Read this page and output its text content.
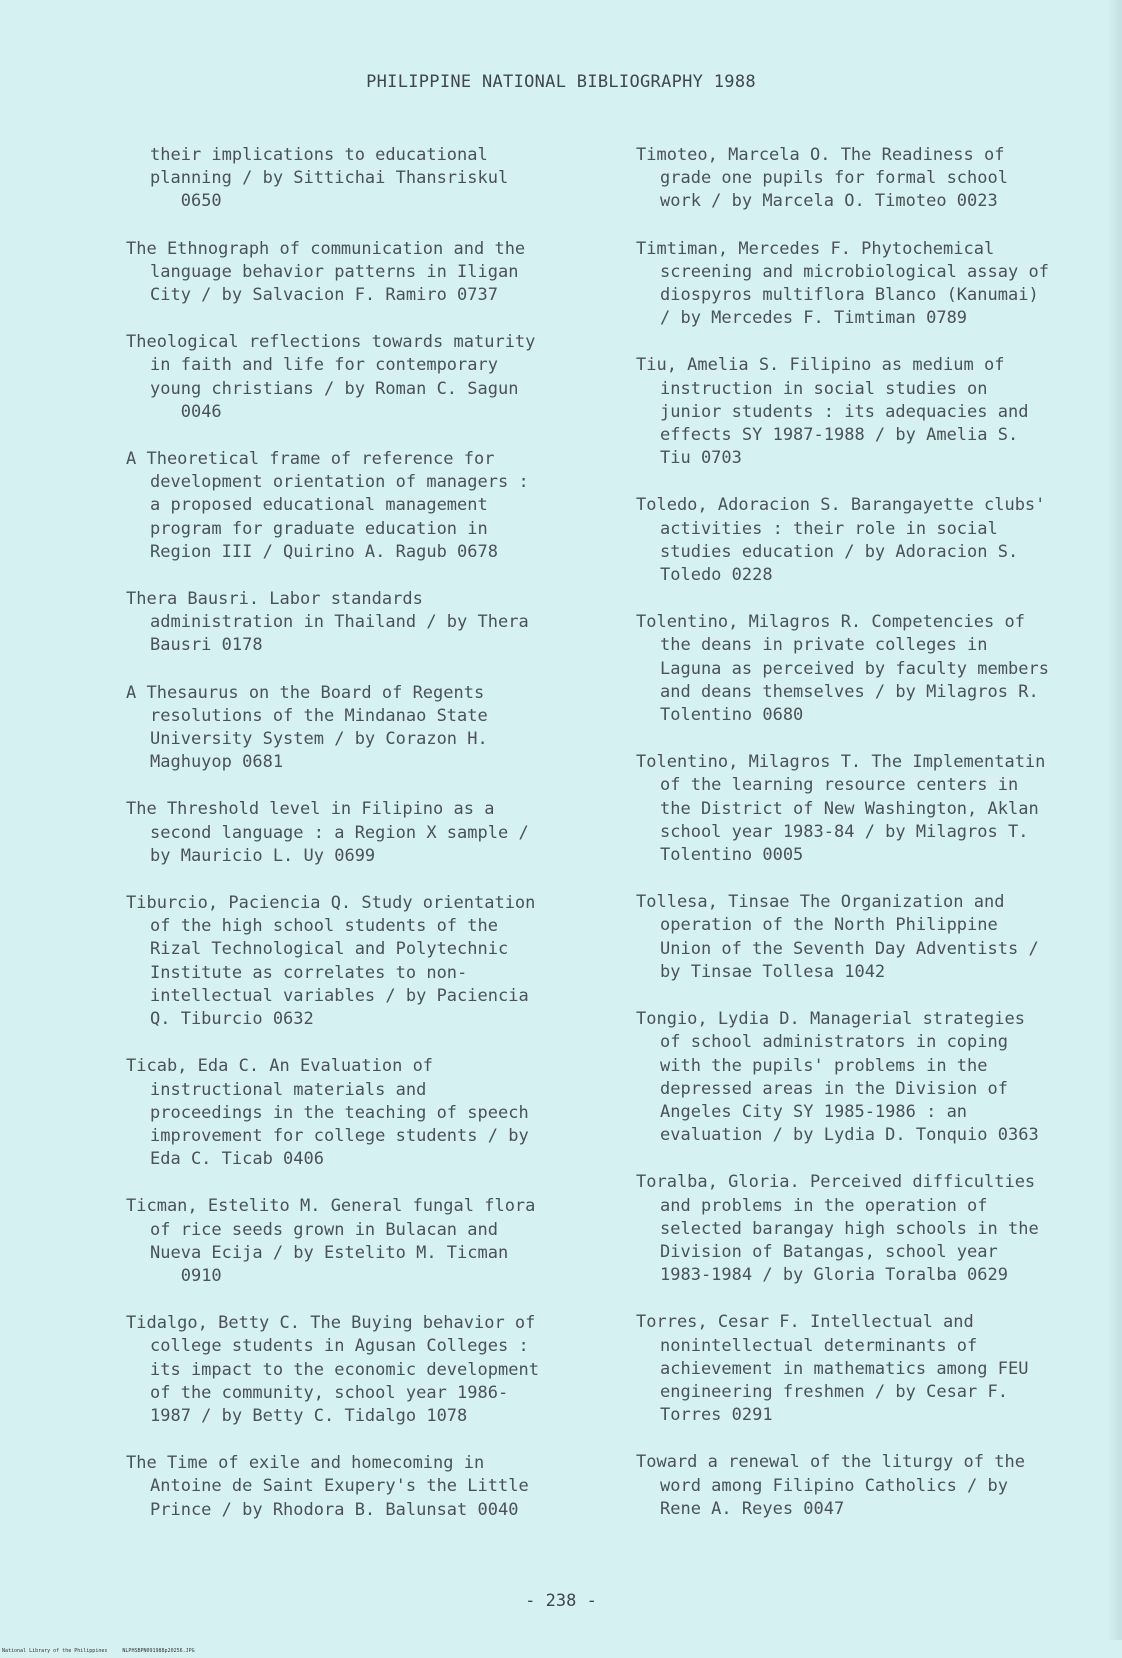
PHILIPPINE NATIONAL BIBLIOGRAPHY 1988
their implications to educational
planning / by Sittichai Thansriskul
0650
The Ethnograph of communication and the
language behavior patterns in Iligan
City / by Salvacion F. Ramiro 0737
Theological reflections towards maturity
in faith and life for contemporary
young christians / by Roman C. Sagun
0046
A Theoretical frame of reference for
development orientation of managers :
a proposed educational management
program for graduate education in
Region III / Quirino A. Ragub 0678
Thera Bausri. Labor standards
administration in Thailand / by Thera
Bausri 0178
A Thesaurus on the Board of Regents
resolutions of the Mindanao State
University System / by Corazon H.
Maghuyop 0681
The Threshold level in Filipino as a
second language : a Region X sample /
by Mauricio L. Uy 0699
Tiburcio, Paciencia Q. Study orientation
of the high school students of the
Rizal Technological and Polytechnic
Institute as correlates to non-
intellectual variables / by Paciencia
Q. Tiburcio 0632
Ticab, Eda C. An Evaluation of
instructional materials and
proceedings in the teaching of speech
improvement for college students / by
Eda C. Ticab 0406
Ticman, Estelito M. General fungal flora
of rice seeds grown in Bulacan and
Nueva Ecija / by Estelito M. Ticman
0910
Tidalgo, Betty C. The Buying behavior of
college students in Agusan Colleges :
its impact to the economic development
of the community, school year 1986-
1987 / by Betty C. Tidalgo 1078
The Time of exile and homecoming in
Antoine de Saint Exupery's the Little
Prince / by Rhodora B. Balunsat 0040
Timoteo, Marcela O. The Readiness of
grade one pupils for formal school
work / by Marcela O. Timoteo 0023
Timtiman, Mercedes F. Phytochemical
screening and microbiological assay of
diospyros multiflora Blanco (Kanumai)
/ by Mercedes F. Timtiman 0789
Tiu, Amelia S. Filipino as medium of
instruction in social studies on
junior students : its adequacies and
effects SY 1987-1988 / by Amelia S.
Tiu 0703
Toledo, Adoracion S. Barangayette clubs'
activities : their role in social
studies education / by Adoracion S.
Toledo 0228
Tolentino, Milagros R. Competencies of
the deans in private colleges in
Laguna as perceived by faculty members
and deans themselves / by Milagros R.
Tolentino 0680
Tolentino, Milagros T. The Implementatin
of the learning resource centers in
the District of New Washington, Aklan
school year 1983-84 / by Milagros T.
Tolentino 0005
Tollesa, Tinsae The Organization and
operation of the North Philippine
Union of the Seventh Day Adventists /
by Tinsae Tollesa 1042
Tongio, Lydia D. Managerial strategies
of school administrators in coping
with the pupils' problems in the
depressed areas in the Division of
Angeles City SY 1985-1986 : an
evaluation / by Lydia D. Tonquio 0363
Toralba, Gloria. Perceived difficulties
and problems in the operation of
selected barangay high schools in the
Division of Batangas, school year
1983-1984 / by Gloria Toralba 0629
Torres, Cesar F. Intellectual and
nonintellectual determinants of
achievement in mathematics among FEU
engineering freshmen / by Cesar F.
Torres 0291
Toward a renewal of the liturgy of the
word among Filipino Catholics / by
Rene A. Reyes 0047
- 238 -
National Library of the Philippines     NLPHSBPN091988p20256.JPG
